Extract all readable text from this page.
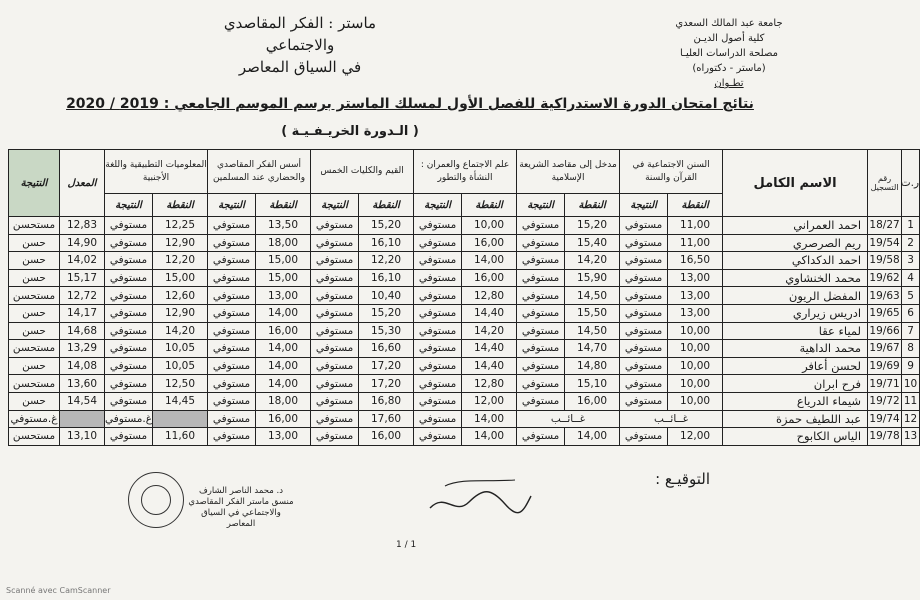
جامعة عبد المالك السعدي
كلية أصول الديـن
مصلحة الدراسات العليـا
(ماستر - دكتوراه)
تطـوان
ماستر : الفكر المقاصدي والاجتماعي
في السياق المعاصر
نتائج امتحان الدورة الاستدراكية للفصل الأول لمسلك الماستر برسم الموسم الجامعي : 2019 / 2020
( الـدورة الخريـفـيـة )
ر.ت	رقم التسجيل	الاسم الكامل	السنن الاجتماعية في القرآن والسنة		مدخل إلى مقاصد الشريعة الإسلامية		علم الاجتماع والعمران : النشأة والتطور		القيم والكليات الخمس		أسس الفكر المقاصدي والحضاري عند المسلمين		المعلوميات التطبيقية واللغة الأجنبية		المعدل	النتيجة
			النقطة	النتيجة	النقطة	النتيجة	النقطة	النتيجة	النقطة	النتيجة	النقطة	النتيجة	النقطة	النتيجة		
1	18/27	احمد العمراني	11,00	مستوفي	15,20	مستوفي	10,00	مستوفي	15,20	مستوفي	13,50	مستوفي	12,25	مستوفي	12,83	مستحسن
2	19/54	ريم الصرصري	11,00	مستوفي	15,40	مستوفي	16,00	مستوفي	16,10	مستوفي	18,00	مستوفي	12,90	مستوفي	14,90	حسن
3	19/58	احمد الدكداكي	16,50	مستوفي	14,20	مستوفي	14,00	مستوفي	12,20	مستوفي	15,00	مستوفي	12,20	مستوفي	14,02	حسن
4	19/62	محمد الخنشاوي	13,00	مستوفي	15,90	مستوفي	16,00	مستوفي	16,10	مستوفي	15,00	مستوفي	15,00	مستوفي	15,17	حسن
5	19/63	المفضل الريون	13,00	مستوفي	14,50	مستوفي	12,80	مستوفي	10,40	مستوفي	13,00	مستوفي	12,60	مستوفي	12,72	مستحسن
6	19/65	ادريس زيراري	13,00	مستوفي	15,50	مستوفي	14,40	مستوفي	15,20	مستوفي	14,00	مستوفي	12,90	مستوفي	14,17	حسن
7	19/66	لمياء عقا	10,00	مستوفي	14,50	مستوفي	14,20	مستوفي	15,30	مستوفي	16,00	مستوفي	14,20	مستوفي	14,68	حسن
8	19/67	محمد الداهية	10,00	مستوفي	14,70	مستوفي	14,40	مستوفي	16,60	مستوفي	14,00	مستوفي	10,05	مستوفي	13,29	مستحسن
9	19/69	لحسن أعافر	10,00	مستوفي	14,80	مستوفي	14,40	مستوفي	17,20	مستوفي	14,00	مستوفي	10,05	مستوفي	14,08	حسن
10	19/71	فرح ابران	10,00	مستوفي	15,10	مستوفي	12,80	مستوفي	17,20	مستوفي	14,00	مستوفي	12,50	مستوفي	13,60	مستحسن
11	19/72	شيماء الدرياع	10,00	مستوفي	16,00	مستوفي	12,00	مستوفي	16,80	مستوفي	18,00	مستوفي	14,45	مستوفي	14,54	حسن
12	19/74	عبد اللطيف حمزة	غــائــب		غــائــب		14,00	مستوفي	17,60	مستوفي	16,00	مستوفي		غ.مستوفي		غ.مستوفي
13	19/78	الياس الكابوح	12,00	مستوفي	14,00	مستوفي	14,00	مستوفي	16,00	مستوفي	13,00	مستوفي	11,60	مستوفي	13,10	مستحسن
التوقيـع :
د. محمد الناصر الشارف
منسق ماستر الفكر المقاصدي
والاجتماعي في السياق المعاصر
1 / 1
Scanné avec CamScanner
